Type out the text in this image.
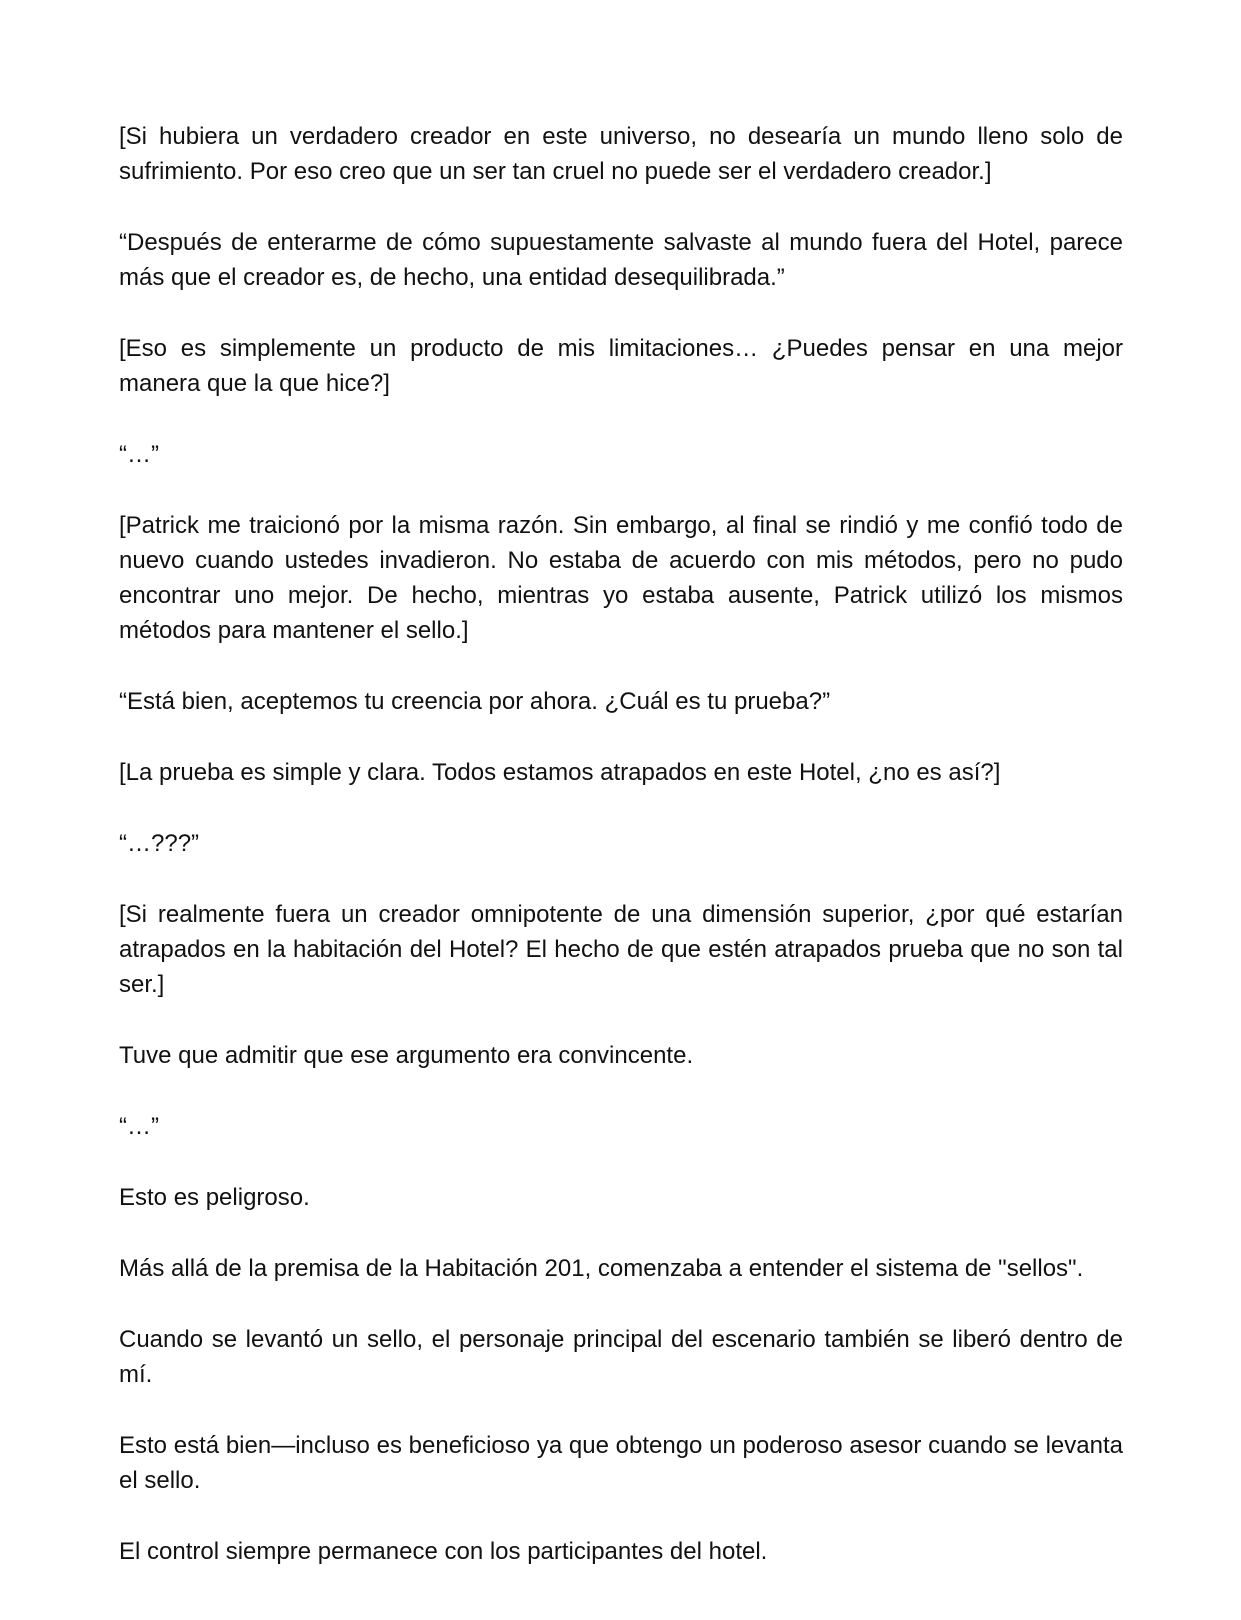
[Si hubiera un verdadero creador en este universo, no desearía un mundo lleno solo de sufrimiento. Por eso creo que un ser tan cruel no puede ser el verdadero creador.]

“Después de enterarme de cómo supuestamente salvaste al mundo fuera del Hotel, parece más que el creador es, de hecho, una entidad desequilibrada.”

[Eso es simplemente un producto de mis limitaciones… ¿Puedes pensar en una mejor manera que la que hice?]

“…”

[Patrick me traicionó por la misma razón. Sin embargo, al final se rindió y me confió todo de nuevo cuando ustedes invadieron. No estaba de acuerdo con mis métodos, pero no pudo encontrar uno mejor. De hecho, mientras yo estaba ausente, Patrick utilizó los mismos métodos para mantener el sello.]

“Está bien, aceptemos tu creencia por ahora. ¿Cuál es tu prueba?”

[La prueba es simple y clara. Todos estamos atrapados en este Hotel, ¿no es así?]

“…???”

[Si realmente fuera un creador omnipotente de una dimensión superior, ¿por qué estarían atrapados en la habitación del Hotel? El hecho de que estén atrapados prueba que no son tal ser.]

Tuve que admitir que ese argumento era convincente.

“…”

Esto es peligroso.

Más allá de la premisa de la Habitación 201, comenzaba a entender el sistema de "sellos".

Cuando se levantó un sello, el personaje principal del escenario también se liberó dentro de mí.

Esto está bien—incluso es beneficioso ya que obtengo un poderoso asesor cuando se levanta el sello.

El control siempre permanece con los participantes del hotel.
